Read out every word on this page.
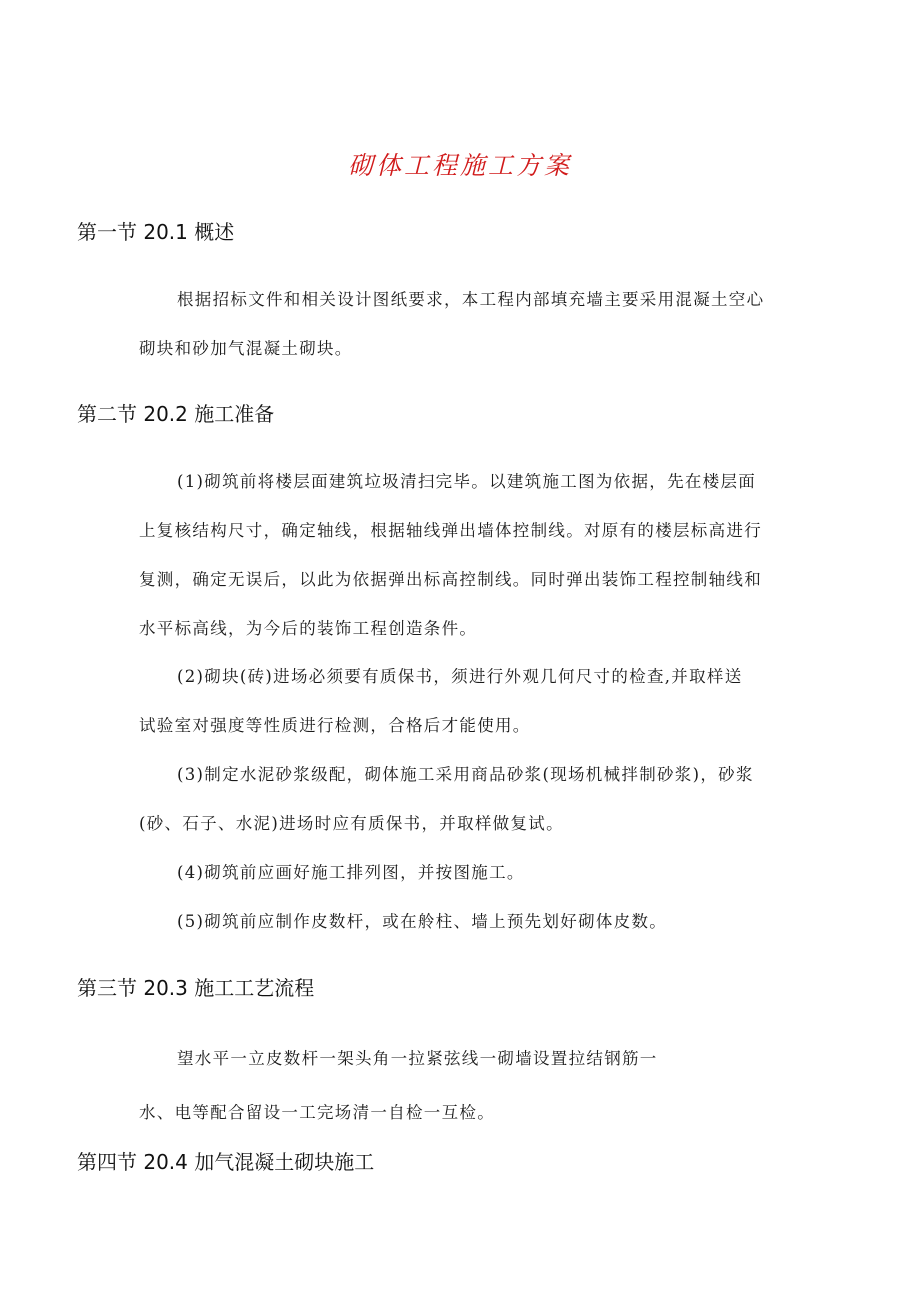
砌体工程施工方案
第一节 20.1 概述
根据招标文件和相关设计图纸要求，本工程内部填充墙主要采用混凝土空心
砌块和砂加气混凝土砌块。
第二节 20.2 施工准备
(1)砌筑前将楼层面建筑垃圾清扫完毕。以建筑施工图为依据，先在楼层面
上复核结构尺寸，确定轴线，根据轴线弹出墙体控制线。对原有的楼层标高进行
复测，确定无误后，以此为依据弹出标高控制线。同时弹出装饰工程控制轴线和
水平标高线，为今后的装饰工程创造条件。
(2)砌块(砖)进场必须要有质保书，须进行外观几何尺寸的检查,并取样送
试验室对强度等性质进行检测，合格后才能使用。
(3)制定水泥砂浆级配，砌体施工采用商品砂浆(现场机械拌制砂浆)，砂浆
(砂、石子、水泥)进场时应有质保书，并取样做复试。
(4)砌筑前应画好施工排列图，并按图施工。
(5)砌筑前应制作皮数杆，或在舲柱、墙上预先划好砌体皮数。
第三节 20.3 施工工艺流程
望水平一立皮数杆一架头角一拉紧弦线一砌墙设置拉结钢筋一
水、电等配合留设一工完场清一自检一互检。
第四节 20.4 加气混凝土砌块施工
